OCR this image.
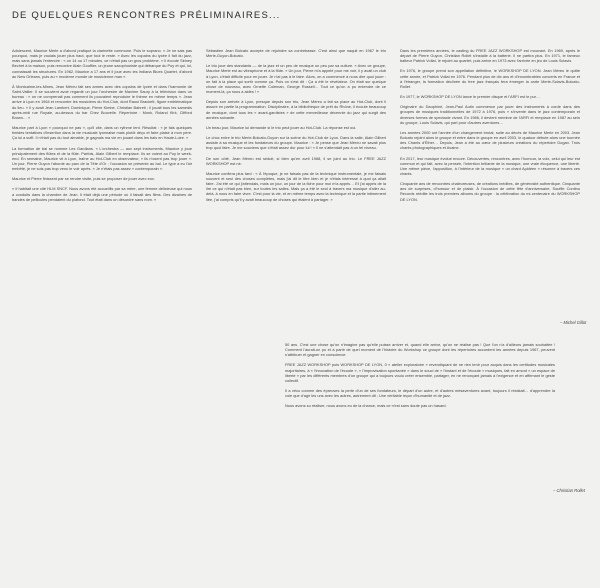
DE QUELQUES RENCONTRES PRÉLIMINAIRES...

Adolescent, Maurice Merle a d'abord pratiqué la clarinette commune. Puis le soprano. « Je ne sais pas pourquoi, mais je voulais jouer plus haut, que tout le reste. » Avec les copains du lycée il fait du jazz, mais sans jamais l'entendre : « on 14 ou 17 minutes, ce n'était pas un gros problème. » Il écoute Sidney Bechet à la maison, puis rencontre Alain Gouffier, un jeune saxophoniste qui débarque du Puy et qui, lui, connaissait les structures. En 1962, Maurice a 17 ans et il joue avec les Indiana Blues Quartet, d'abord au New Orleans, puis au « moderne monde de musicienne man ».

À Montcalme-les-Mines, Jean Méreu fait ses armes avec des copains de lycée et dans l'harmonie de Saint-Vallier. Il se souvient avoir regardé un jour l'orchestre de Maxime Saury à la télévision dans un bureau : « on ne comprenait pas comment ils pouvaient reproduire le thème en même temps ». Jean arrive à Lyon en 1964 et rencontre les musiciens du Hot-Club, dont Raoul Brackett, figure emblématique du lieu. « Il y avait Jean Lambert, Dominique, Pierre Kimbe, Christian Bahreti ; il jouait tous les samedis après-midi rue Royale, au-dessus du bar Chez Bouvelle. Répertoire : Monk, Roland Kirk, Clifford Brown… »

Maurice part à Lyon « pourquoi ne pas », qu'il cite, dans un rythme lent. Résultat : « je fais quelques timides tentatives d'insertion dans la vie musicale lyonnaise mais plutôt déçu et faire plaisir à mon père. Ça lui a suffi. Il n'était pas du tout aimable, je gagnais ma vie en jouant dans les bals en Haute-Loire. »

La formation de bal se nomme Les Gardians. « L'orchestra — aux sept instruments, Maurice y joue principalement des flûtes et de la flûte. Parfois, Alain Gilbert le remplace. Ils se voient au Puy le week-end. En semaine, Maurice vit à Lyon, traîne au Hot-Club en observateur, « ils n'osent pas trop jouer ». Un jour, Pierre Guyon l'aborde au parc de la Tête d'Or ; l'occasion se présente au bal. Le type a eu l'air embêté, je ne suis pas trop venu le voir après. « Je n'étais pas assez « contemporain ».

Maurice et Pierre finissent par se rendre visite, puis se proposer de jouer avec eux.

« Il habitait une cité HLM SNCF. Nous avons été accueillis par sa mère, une femme délicieuse qui nous a conduits dans la chambre de Jean. Il était déjà une période où il faisait des films. Des dizaines de bandes de pellicules pendaient du plafond. Tout était dans un désordre sans nom. »

Sébastien Jean Bolcato accepte de rejoindre sa contrebasse. C'est ainsi que naquit en 1967 le trio Merle-Guyon-Bolcato.

Le trio joue des standards — de la jazz et un peu de musique un peu par sa culture. « Avec ce groupe, Maurice Merle est au vibraphone et à la flûte. » Un jour, Pierre m'a appelé pour me voir, il y avait un club à Lyon, c'était difficile pour en jouer. Je n'ai pas à le faire. Alors, on a commencé à nous dire quoi jouer : on fait à la place qui sortir comme ça. Puis on s'est dit : Ça a été le révélateur. On était sur quelque chose de nouveau, avec Ornette Coleman, George Russell… Tout ce qu'on a pu entendre de ce moment-là, ça nous a aidés ! »

Depuis son arrivée à Lyon, presque depuis son trio, Jean Méreu a fait sa place au Hot-Club, dont il assure en partie la programmation. Disciplinaire, à la bibliothèque de prêt du Rhône, il écoute beaucoup de musique, dont tous les « avant-gardistes » de cette merveilleuse décennie du jazz qui surgit des années soixante.

Un beau jour, Maurice lui demande si le trio peut jouer au Hot-Club. La réponse est oui.

Le choc entre le trio Merle-Bolcato-Guyon sur la scène du Hot-Club de Lyon. Dans la salle, Alain Gilbert assiste à sa musique et les fondateurs du groupe. Maurice : « Je pense que Jean Méreu ne savait plus trop quoi faire. Je me souviens que c'était assez dur pour lui ! » Il ne s'attendait pas à un tel niveau.

De son côté, Jean Méreu est séduit, si bien qu'en avril 1968, il se joint au trio. Le FREE JAZZ WORKSHOP est né.

Maurice confiera plus tard : « À l'époque, je ne faisais pas de la technique instrumentale, je me faisais souvent et seul des choses complètes, mais j'ai dit le titre bien et je n'étais intéressé à quoi ça allait faire. J'ai été ce qui j'attendais, mais un jour, un jour de la fiche pour moi m'a appris… Et j'ai appris de la lire ce qui n'était pas bien, sur toutes les salles. Mais ça a été le seul à travers ma musique d'aller au-delà, à nous en faire vivre. C'est pour la vie, et en même temps avec la technique et la partie intimement liée, j'ai compris qu'il y avait beaucoup de choses qui étaient à partager. »

Dans les premières années, le casting du FREE JAZZ WORKSHOP est mouvant. En 1969, après le départ de Pierre Guyon, Christian Rollet s'installe à la batterie. Il ne partira plus. En 1971, le fameux batteur Patrick Vollat, le rejoint au quartet, puis arrive en 1973 avec l'arrivée en jeu de Louis Sclavis.

En 1976, le groupe prend son appellation définitive, le WORKSHOP DE LYON. Jean Méreu le quitte cette année, et Patrick Vollat en 1976. Pendant plus de dix ans et d'innombrables concerts en France et à l'étranger, la formation déclinée du free jazz français fera émerger la carte Merle-Sclavis-Bolcato-Rollet.

En 1977, le WORKSHOP DE LYON lance le premier disque et l'ARFI est le pur…

Originaire du Dauphiné, Jean-Paul Autin commence par jouer des instruments à corde dans des groupes de musiques traditionnelles de 1972 à 1976, puis « s'invente dans le jazz contemporain et diverses formes de spectacle vivant. En 1986, il devient membre de l'ARFI et remplace en 1987 au sein du groupe, Louis Sclavis, qui part pour d'autres aventures…

Les années 2000 ont l'année d'un changement brutal, suite au décès de Maurice Merle en 2003. Jean Bolcato rejoint alors le groupe et entre dans le groupe en avril 2003, le quatuor débute alors une tournée des Chants d'Éther… Depuis, Jean a été au cœur de plusieurs créations du répertoire Dogan. Trois chants photographiques et Avaine.

En 2017, leur musique évolue encore. Découvertes, rencontres, avec l'humour, la voix, celui qui leur est commun et qui fait, avec la pensée, l'intention brillante de la musique, une vraie éloquence, une liberté. Une même pièce, l'apposition, à l'intérieur de la musique « un chant Apidéen » résonne à travers ces chants.

Cinquante ans de rencontres chaleureuses, de créations inédites, de générosité authentique. Cinquante ans de surprises, d'humour et de plaisir. À l'occasion de cette fête d'anniversaire, Souffle Continu Records réédite les trois premiers albums du groupe : la célébration du mi-centenaire du WORKSHOP DE LYON.

– Michel Gillot

50 ans. C'est une chose qu'on n'imagine pas qu'elle puisse arriver et, quand elle arrive, qu'on ne réalise pas ! Que l'on n'a d'ailleurs jamais souhaitée ! Comment l'aurait-on pu et à partir de quel moment de l'histoire du Workshop ce groupe dont les répertoires accordent les années depuis 1967, peuvent s'attribuer et gagner en conscience.

FREE JAZZ WORKSHOP puis WORKSHOP DE LYON, 0 « atelier exploratoire » revendiquant de ne rien tenir pour acquis dans les certitudes musicales majoritaires, à « l'innovation de l'écoute », « l'improvisation spontanée » dans le souci de « l'instant et de l'écoute » musiques, fait en amont « un espace de liberté » par les différents membres d'un groupe qui a toujours voulu créer ensemble, partager, en ne renonçant jamais à l'exigence et en affirmant le geste collectif.

Il a vécu comme des épreuves la perte d'un de ses fondateurs, le départ d'un autre, et d'autres mésaventures avant, toujours il résistait… d'apprendre la voie que d'agir les uns avec les autres, autrement dit ; Une véritable leçon d'humanité et de jazz.

Nous avons su réaliser, nous avons eu de la chance, mais ce n'est sans doute pas un hasard.

– Christian Rollet
